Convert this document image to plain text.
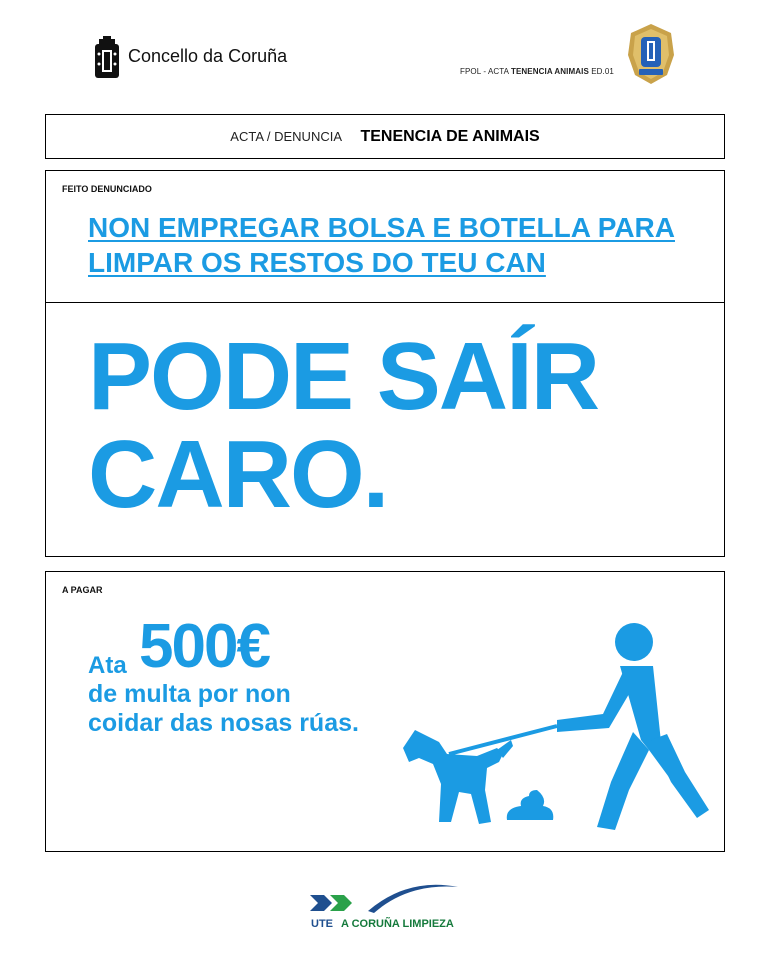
Concello da Coruña
FPOL - ACTA TENENCIA ANIMAIS ED.01
ACTA / DENUNCIA TENENCIA DE ANIMAIS
FEITO DENUNCIADO
NON EMPREGAR BOLSA E BOTELLA PARA LIMPAR OS RESTOS DO TEU CAN
PODE SAÍR
CARO.
A PAGAR
Ata 500€
de multa por non coidar das nosas rúas.
UTE A CORUÑA LIMPIEZA
